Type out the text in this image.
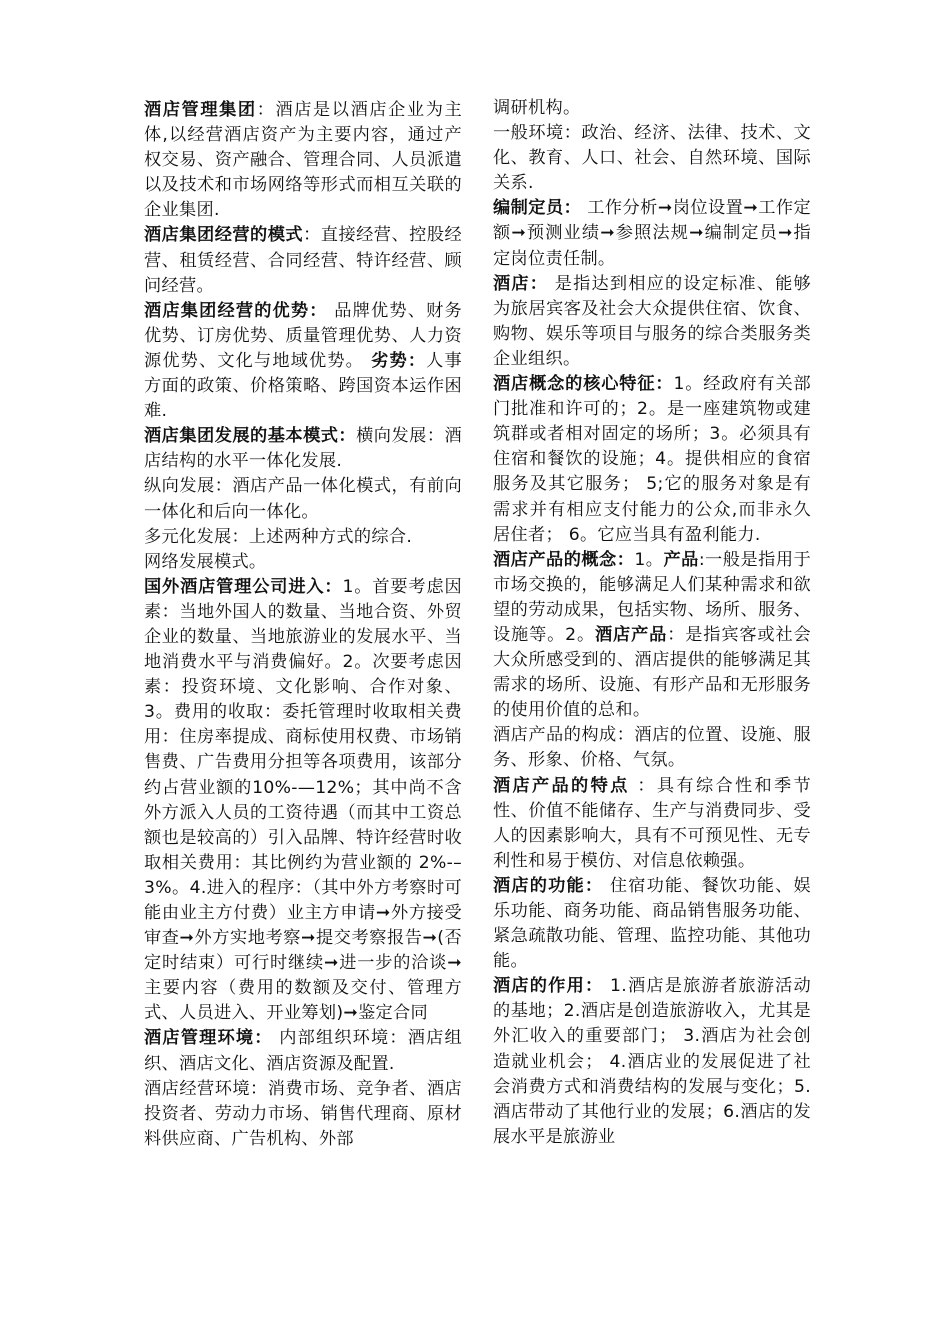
酒店管理集团：酒店是以酒店企业为主体,以经营酒店资产为主要内容，通过产权交易、资产融合、管理合同、人员派遣以及技术和市场网络等形式而相互关联的企业集团.

酒店集团经营的模式：直接经营、控股经营、租赁经营、合同经营、特许经营、顾问经营。

酒店集团经营的优势： 品牌优势、财务优势、订房优势、质量管理优势、人力资源优势、文化与地域优势。 劣势：人事方面的政策、价格策略、跨国资本运作困难.

酒店集团发展的基本模式：横向发展：酒店结构的水平一体化发展.

纵向发展：酒店产品一体化模式，有前向一体化和后向一体化。

多元化发展：上述两种方式的综合.

网络发展模式。

国外酒店管理公司进入：1。首要考虑因素：当地外国人的数量、当地合资、外贸企业的数量、当地旅游业的发展水平、当地消费水平与消费偏好。2。次要考虑因素：投资环境、文化影响、合作对象、3。费用的收取：委托管理时收取相关费用：住房率提成、商标使用权费、市场销售费、广告费用分担等各项费用，该部分约占营业额的10%-—12%；其中尚不含外方派入人员的工资待遇（而其中工资总额也是较高的）引入品牌、特许经营时收取相关费用：其比例约为营业额的 2%-–3%。4.进入的程序：（其中外方考察时可能由业主方付费）业主方申请➞外方接受审查➞外方实地考察➞提交考察报告➞(否定时结束）可行时继续➞进一步的洽谈➞主要内容（费用的数额及交付、管理方式、人员进入、开业筹划)➞鉴定合同

酒店管理环境： 内部组织环境：酒店组织、酒店文化、酒店资源及配置.

酒店经营环境：消费市场、竞争者、酒店投资者、劳动力市场、销售代理商、原材料供应商、广告机构、外部

调研机构。

一般环境：政治、经济、法律、技术、文化、教育、人口、社会、自然环境、国际关系.

编制定员： 工作分析➞岗位设置➞工作定额➞预测业绩➞参照法规➞编制定员➞指定岗位责任制。

酒店： 是指达到相应的设定标准、能够为旅居宾客及社会大众提供住宿、饮食、购物、娱乐等项目与服务的综合类服务类企业组织。

酒店概念的核心特征：1。经政府有关部门批准和许可的；2。是一座建筑物或建筑群或者相对固定的场所；3。必须具有住宿和餐饮的设施；4。提供相应的食宿服务及其它服务； 5;它的服务对象是有需求并有相应支付能力的公众,而非永久居住者； 6。它应当具有盈利能力.

酒店产品的概念：1。产品:一般是指用于市场交换的，能够满足人们某种需求和欲望的劳动成果，包括实物、场所、服务、设施等。2。酒店产品：是指宾客或社会大众所感受到的、酒店提供的能够满足其需求的场所、设施、有形产品和无形服务的使用价值的总和。

酒店产品的构成：酒店的位置、设施、服务、形象、价格、气氛。

酒店产品的特点 ：具有综合性和季节性、价值不能储存、生产与消费同步、受人的因素影响大，具有不可预见性、无专利性和易于模仿、对信息依赖强。

酒店的功能： 住宿功能、餐饮功能、娱乐功能、商务功能、商品销售服务功能、紧急疏散功能、管理、监控功能、其他功能。

酒店的作用： 1.酒店是旅游者旅游活动的基地；2.酒店是创造旅游收入，尤其是外汇收入的重要部门； 3.酒店为社会创造就业机会； 4.酒店业的发展促进了社会消费方式和消费结构的发展与变化；5.酒店带动了其他行业的发展；6.酒店的发展水平是旅游业
